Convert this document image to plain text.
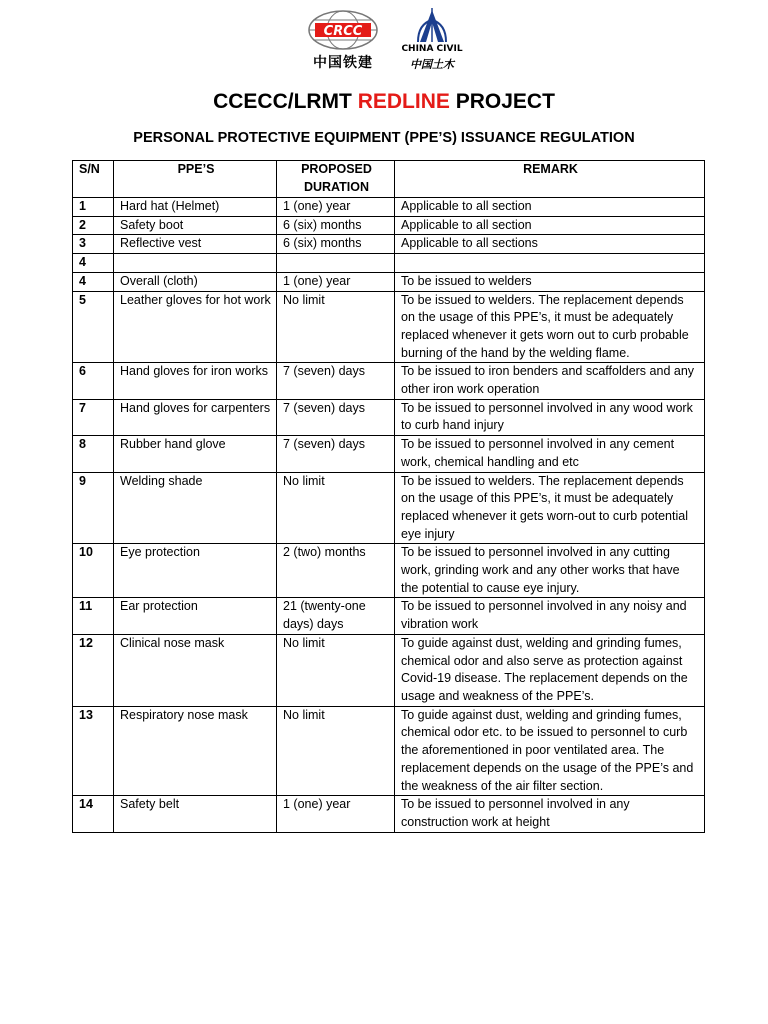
CRCC
中国铁建
CHINA CIVIL
中国土木
CCECC/LRMT REDLINE PROJECT
PERSONAL PROTECTIVE EQUIPMENT (PPE’S) ISSUANCE REGULATION
S/N	PPE’S	PROPOSED DURATION	REMARK
1	Hard hat (Helmet)	1 (one) year	Applicable to all section
2	Safety boot	6 (six) months	Applicable to all section
3	Reflective vest	6 (six) months	Applicable to all sections
4			
4	Overall (cloth)	1 (one) year	To be issued to welders
5	Leather gloves for hot work	No limit	To be issued to welders. The replacement depends on the usage of this PPE’s, it must be adequately replaced whenever it gets worn out to curb probable burning of the hand by the welding flame.
6	Hand gloves for iron works	7 (seven) days	To be issued to iron benders and scaffolders and any other iron work operation
7	Hand gloves for carpenters	7 (seven) days	To be issued to personnel involved in any wood work to curb hand injury
8	Rubber hand glove	7 (seven) days	To be issued to personnel involved in any cement work, chemical handling and etc
9	Welding shade	No limit	To be issued to welders. The replacement depends on the usage of this PPE’s, it must be adequately replaced whenever it gets worn-out to curb potential eye injury
10	Eye protection	2 (two) months	To be issued to personnel involved in any cutting work, grinding work and any other works that have the potential to cause eye injury.
11	Ear protection	21 (twenty-one days) days	To be issued to personnel involved in any noisy and vibration work
12	Clinical nose mask	No limit	To guide against dust, welding and grinding fumes, chemical odor and also serve as protection against Covid-19 disease. The replacement depends on the usage and weakness of the PPE’s.
13	Respiratory nose mask	No limit	To guide against dust, welding and grinding fumes, chemical odor etc. to be issued to personnel to curb the aforementioned in poor ventilated area. The replacement depends on the usage of the PPE’s and the weakness of the air filter section.
14	Safety belt	1 (one) year	To be issued to personnel involved in any construction work at height
